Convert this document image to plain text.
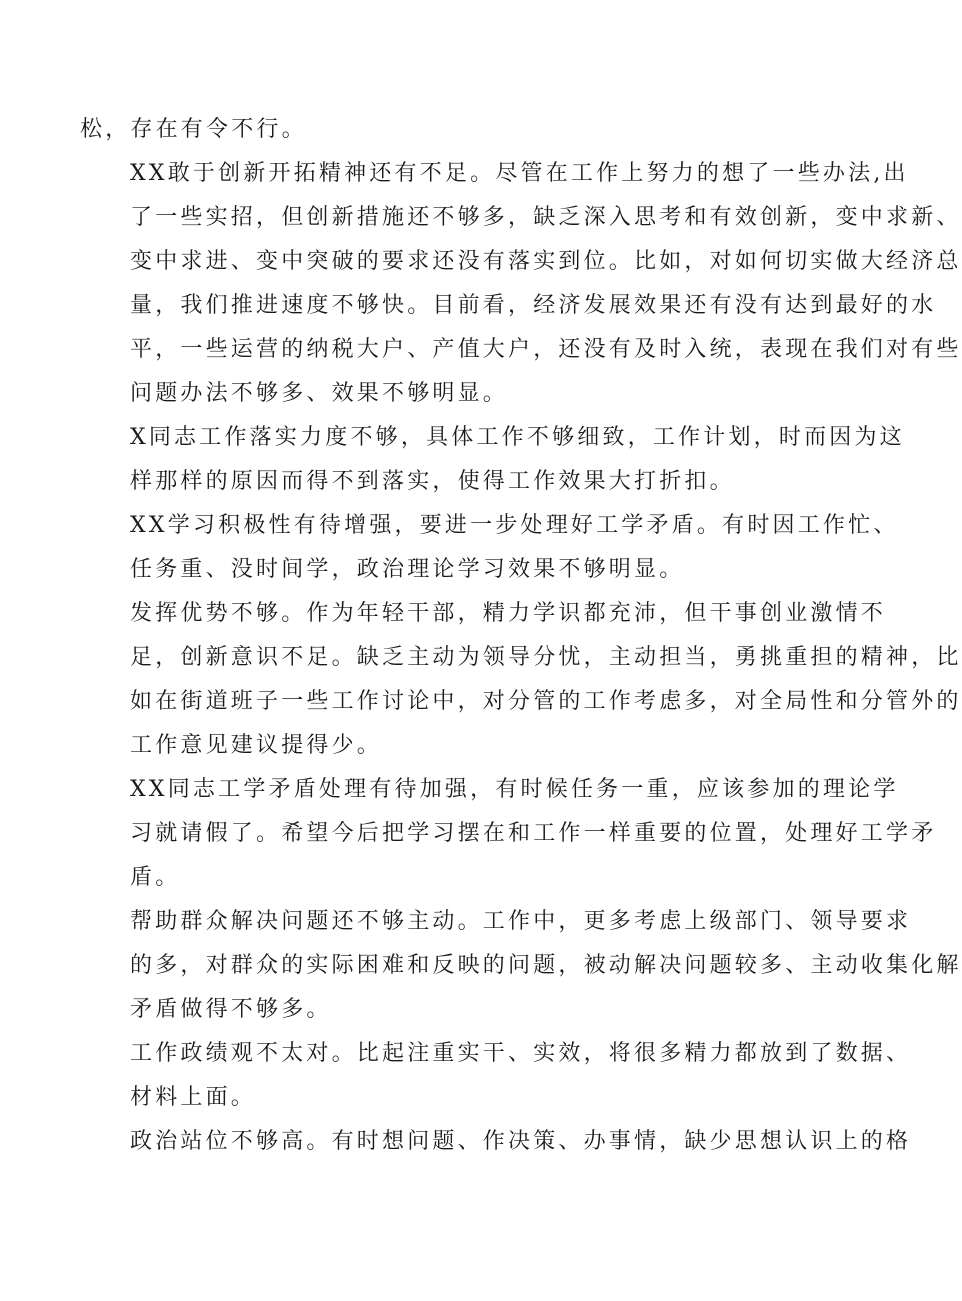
松，存在有令不行。
XX敢于创新开拓精神还有不足。尽管在工作上努力的想了一些办法,出
了一些实招，但创新措施还不够多，缺乏深入思考和有效创新，变中求新、
变中求进、变中突破的要求还没有落实到位。比如，对如何切实做大经济总
量，我们推进速度不够快。目前看，经济发展效果还有没有达到最好的水
平，一些运营的纳税大户、产值大户，还没有及时入统，表现在我们对有些
问题办法不够多、效果不够明显。
X同志工作落实力度不够，具体工作不够细致，工作计划，时而因为这
样那样的原因而得不到落实，使得工作效果大打折扣。
XX学习积极性有待增强，要进一步处理好工学矛盾。有时因工作忙、
任务重、没时间学，政治理论学习效果不够明显。
发挥优势不够。作为年轻干部，精力学识都充沛，但干事创业激情不
足，创新意识不足。缺乏主动为领导分忧，主动担当，勇挑重担的精神，比
如在街道班子一些工作讨论中，对分管的工作考虑多，对全局性和分管外的
工作意见建议提得少。
XX同志工学矛盾处理有待加强，有时候任务一重，应该参加的理论学
习就请假了。希望今后把学习摆在和工作一样重要的位置，处理好工学矛
盾。
帮助群众解决问题还不够主动。工作中，更多考虑上级部门、领导要求
的多，对群众的实际困难和反映的问题，被动解决问题较多、主动收集化解
矛盾做得不够多。
工作政绩观不太对。比起注重实干、实效，将很多精力都放到了数据、
材料上面。
政治站位不够高。有时想问题、作决策、办事情，缺少思想认识上的格
